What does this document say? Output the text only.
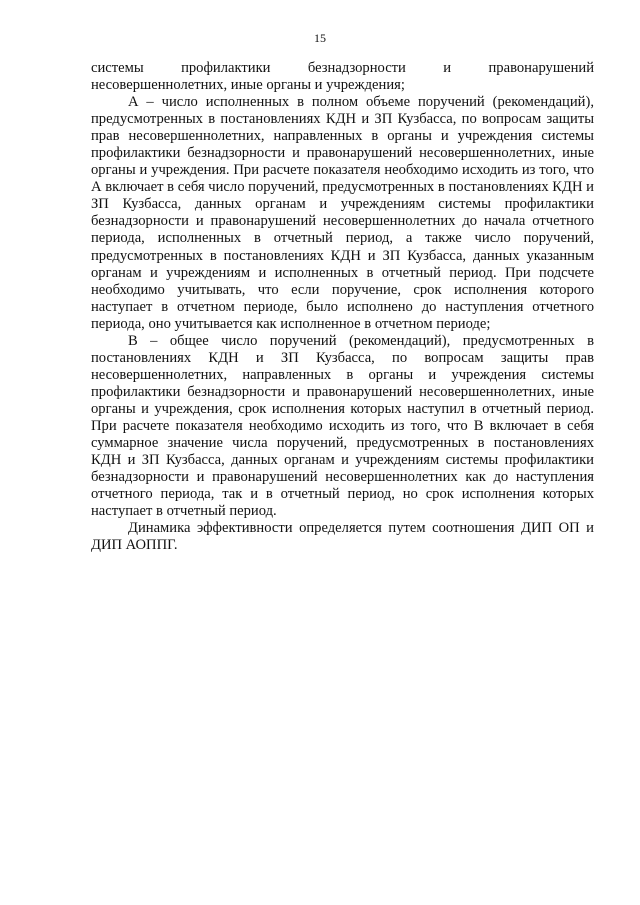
15

системы профилактики безнадзорности и правонарушений несовершеннолетних, иные органы и учреждения;

А – число исполненных в полном объеме поручений (рекомендаций), предусмотренных в постановлениях КДН и ЗП Кузбасса, по вопросам защиты прав несовершеннолетних, направленных в органы и учреждения системы профилактики безнадзорности и правонарушений несовершеннолетних, иные органы и учреждения. При расчете показателя необходимо исходить из того, что А включает в себя число поручений, предусмотренных в постановлениях КДН и ЗП Кузбасса, данных органам и учреждениям системы профилактики безнадзорности и правонарушений несовершеннолетних до начала отчетного периода, исполненных в отчетный период, а также число поручений, предусмотренных в постановлениях КДН и ЗП Кузбасса, данных указанным органам и учреждениям и исполненных в отчетный период. При подсчете необходимо учитывать, что если поручение, срок исполнения которого наступает в отчетном периоде, было исполнено до наступления отчетного периода, оно учитывается как исполненное в отчетном периоде;

В – общее число поручений (рекомендаций), предусмотренных в постановлениях КДН и ЗП Кузбасса, по вопросам защиты прав несовершеннолетних, направленных в органы и учреждения системы профилактики безнадзорности и правонарушений несовершеннолетних, иные органы и учреждения, срок исполнения которых наступил в отчетный период. При расчете показателя необходимо исходить из того, что В включает в себя суммарное значение числа поручений, предусмотренных в постановлениях КДН и ЗП Кузбасса, данных органам и учреждениям системы профилактики безнадзорности и правонарушений несовершеннолетних как до наступления отчетного периода, так и в отчетный период, но срок исполнения которых наступает в отчетный период.

Динамика эффективности определяется путем соотношения ДИП ОП и ДИП АОППГ.
